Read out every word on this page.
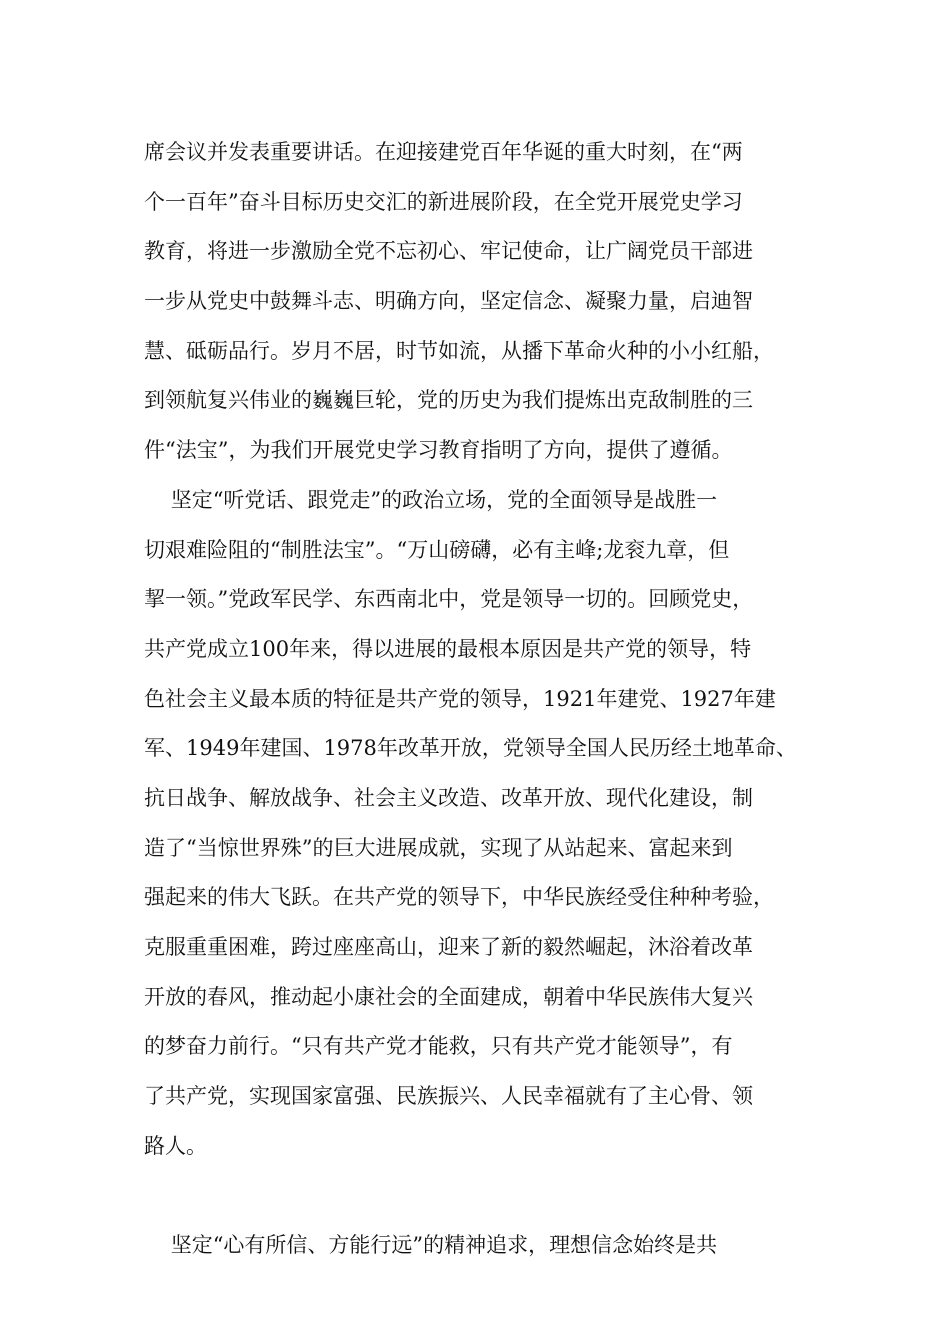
席会议并发表重要讲话。在迎接建党百年华诞的重大时刻，在“两
个一百年”奋斗目标历史交汇的新进展阶段，在全党开展党史学习
教育，将进一步激励全党不忘初心、牢记使命，让广阔党员干部进
一步从党史中鼓舞斗志、明确方向，坚定信念、凝聚力量，启迪智
慧、砥砺品行。岁月不居，时节如流，从播下革命火种的小小红船，
到领航复兴伟业的巍巍巨轮，党的历史为我们提炼出克敌制胜的三
件“法宝”，为我们开展党史学习教育指明了方向，提供了遵循。
坚定“听党话、跟党走”的政治立场，党的全面领导是战胜一
切艰难险阻的“制胜法宝”。“万山磅礴，必有主峰;龙衮九章，但
挈一领。”党政军民学、东西南北中，党是领导一切的。回顾党史，
共产党成立100年来，得以进展的最根本原因是共产党的领导，特
色社会主义最本质的特征是共产党的领导，1921年建党、1927年建
军、1949年建国、1978年改革开放，党领导全国人民历经土地革命、
抗日战争、解放战争、社会主义改造、改革开放、现代化建设，制
造了“当惊世界殊”的巨大进展成就，实现了从站起来、富起来到
强起来的伟大飞跃。在共产党的领导下，中华民族经受住种种考验，
克服重重困难，跨过座座高山，迎来了新的毅然崛起，沐浴着改革
开放的春风，推动起小康社会的全面建成，朝着中华民族伟大复兴
的梦奋力前行。“只有共产党才能救，只有共产党才能领导”，有
了共产党，实现国家富强、民族振兴、人民幸福就有了主心骨、领
路人。
坚定“心有所信、方能行远”的精神追求，理想信念始终是共
